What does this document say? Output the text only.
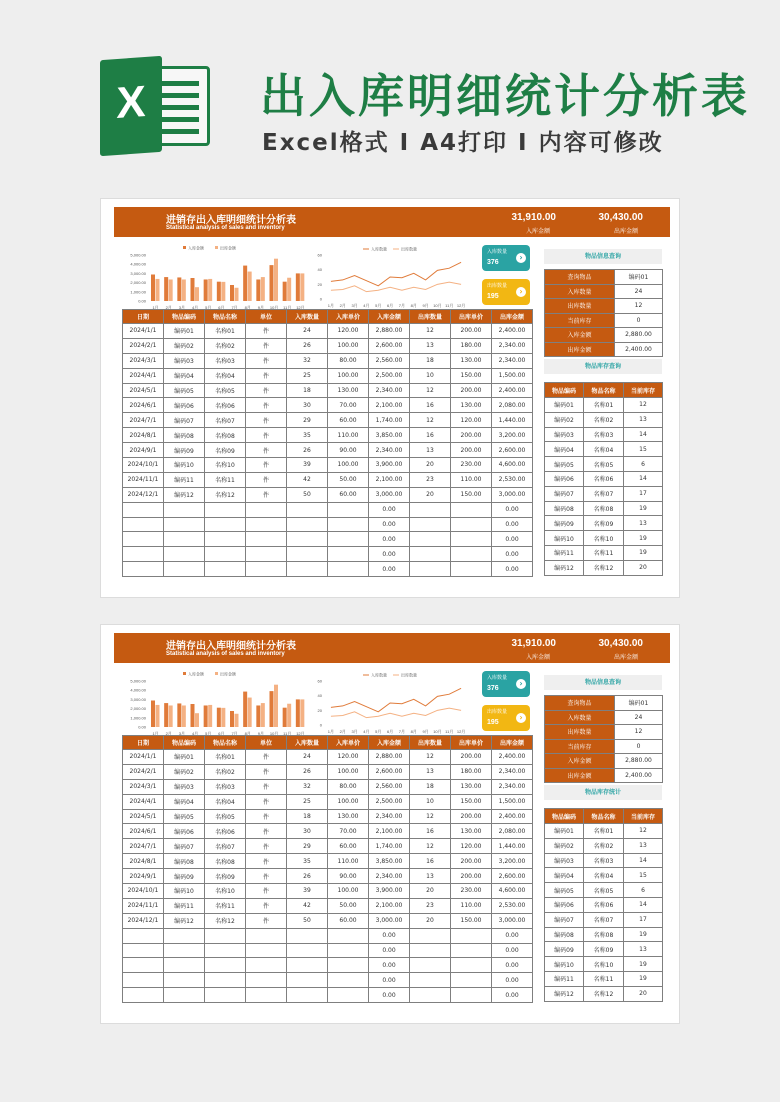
X	出入库明细统计分析表
Excel格式 I A4打印 I 内容可修改
进销存出入库明细统计分析表
Statistical analysis of sales and inventory
31,910.00
入库金额
30,430.00
出库金额
入库金额	出库金额
5,000.00
4,000.00
3,000.00
2,000.00
1,000.00
0.00
1月 2月 3月 4月 5月 6月 7月 8月 9月 10月 11月 12月
入库数量	出库数量
60
40
20
0
1月 2月 3月 4月 5月 6月 7月 8月 9月 10月 11月 12月
入库数量
376
›
出库数量
195
›
日期	物品编码	物品名称	单位	入库数量	入库单价	入库金额	出库数量	出库单价	出库金额
2024/1/1	编码01	名称01	件	24	120.00	2,880.00	12	200.00	2,400.00
2024/2/1	编码02	名称02	件	26	100.00	2,600.00	13	180.00	2,340.00
2024/3/1	编码03	名称03	件	32	80.00	2,560.00	18	130.00	2,340.00
2024/4/1	编码04	名称04	件	25	100.00	2,500.00	10	150.00	1,500.00
2024/5/1	编码05	名称05	件	18	130.00	2,340.00	12	200.00	2,400.00
2024/6/1	编码06	名称06	件	30	70.00	2,100.00	16	130.00	2,080.00
2024/7/1	编码07	名称07	件	29	60.00	1,740.00	12	120.00	1,440.00
2024/8/1	编码08	名称08	件	35	110.00	3,850.00	16	200.00	3,200.00
2024/9/1	编码09	名称09	件	26	90.00	2,340.00	13	200.00	2,600.00
2024/10/1	编码10	名称10	件	39	100.00	3,900.00	20	230.00	4,600.00
2024/11/1	编码11	名称11	件	42	50.00	2,100.00	23	110.00	2,530.00
2024/12/1	编码12	名称12	件	50	60.00	3,000.00	20	150.00	3,000.00
						0.00			0.00
						0.00			0.00
						0.00			0.00
						0.00			0.00
						0.00			0.00
物品信息查询
查询物品	编码01
入库数量	24
出库数量	12
当前库存	0
入库金额	2,880.00
出库金额	2,400.00
物品库存查询
物品编码	物品名称	当前库存
编码01	名称01	12
编码02	名称02	13
编码03	名称03	14
编码04	名称04	15
编码05	名称05	6
编码06	名称06	14
编码07	名称07	17
编码08	名称08	19
编码09	名称09	13
编码10	名称10	19
编码11	名称11	19
编码12	名称12	20
进销存出入库明细统计分析表
Statistical analysis of sales and inventory
31,910.00
入库金额
30,430.00
出库金额
入库金额	出库金额
5,000.00
4,000.00
3,000.00
2,000.00
1,000.00
0.00
1月 2月 3月 4月 5月 6月 7月 8月 9月 10月 11月 12月
入库数量	出库数量
60
40
20
0
1月 2月 3月 4月 5月 6月 7月 8月 9月 10月 11月 12月
入库数量
376
›
出库数量
195
›
日期	物品编码	物品名称	单位	入库数量	入库单价	入库金额	出库数量	出库单价	出库金额
2024/1/1	编码01	名称01	件	24	120.00	2,880.00	12	200.00	2,400.00
2024/2/1	编码02	名称02	件	26	100.00	2,600.00	13	180.00	2,340.00
2024/3/1	编码03	名称03	件	32	80.00	2,560.00	18	130.00	2,340.00
2024/4/1	编码04	名称04	件	25	100.00	2,500.00	10	150.00	1,500.00
2024/5/1	编码05	名称05	件	18	130.00	2,340.00	12	200.00	2,400.00
2024/6/1	编码06	名称06	件	30	70.00	2,100.00	16	130.00	2,080.00
2024/7/1	编码07	名称07	件	29	60.00	1,740.00	12	120.00	1,440.00
2024/8/1	编码08	名称08	件	35	110.00	3,850.00	16	200.00	3,200.00
2024/9/1	编码09	名称09	件	26	90.00	2,340.00	13	200.00	2,600.00
2024/10/1	编码10	名称10	件	39	100.00	3,900.00	20	230.00	4,600.00
2024/11/1	编码11	名称11	件	42	50.00	2,100.00	23	110.00	2,530.00
2024/12/1	编码12	名称12	件	50	60.00	3,000.00	20	150.00	3,000.00
						0.00			0.00
						0.00			0.00
						0.00			0.00
						0.00			0.00
						0.00			0.00
物品信息查询
查询物品	编码01
入库数量	24
出库数量	12
当前库存	0
入库金额	2,880.00
出库金额	2,400.00
物品库存统计
物品编码	物品名称	当前库存
编码01	名称01	12
编码02	名称02	13
编码03	名称03	14
编码04	名称04	15
编码05	名称05	6
编码06	名称06	14
编码07	名称07	17
编码08	名称08	19
编码09	名称09	13
编码10	名称10	19
编码11	名称11	19
编码12	名称12	20
